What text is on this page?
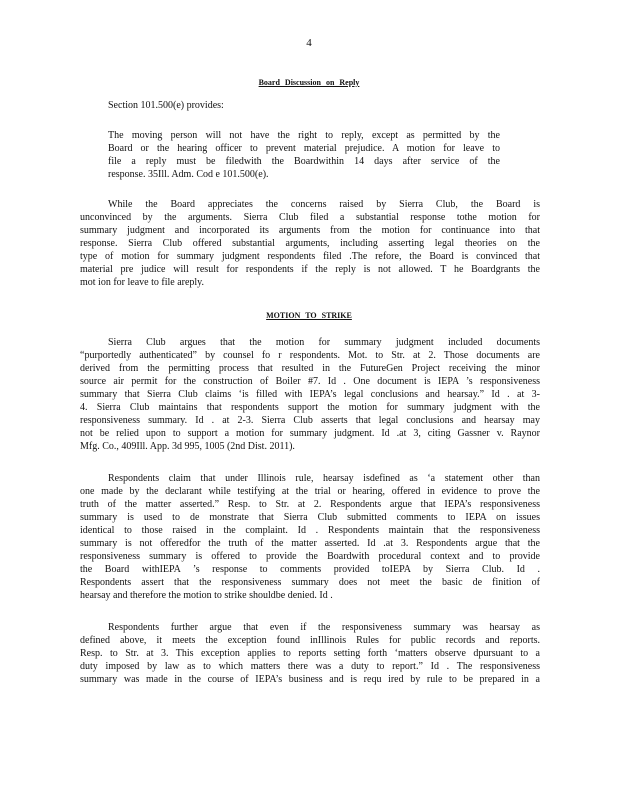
4
Board Discussion on Reply
Section 101.500(e) provides:
The moving person will not have the right to reply, except as permitted by the
Board or the hearing officer to prevent material prejudice. A motion for leave to
file a reply must be filedwith the Boardwithin 14 days after service of the
response. 35Ill. Adm. Cod e 101.500(e).
While the Board appreciates the concerns raised by Sierra Club, the Board is
unconvinced by the arguments. Sierra Club filed a substantial response tothe motion for
summary judgment and incorporated its arguments from the motion for continuance into that
response. Sierra Club offered substantial arguments, including asserting legal theories on the
type of motion for summary judgment respondents filed .The refore, the Board is convinced that
material pre judice will result for respondents if the reply is not allowed. T he Boardgrants the
mot ion for leave to file areply.
MOTION TO STRIKE
Sierra Club argues that the motion for summary judgment included documents
“purportedly authenticated” by counsel fo r respondents. Mot. to Str. at 2. Those documents are
derived from the permitting process that resulted in the FutureGen Project receiving the minor
source air permit for the construction of Boiler #7. Id . One document is IEPA ’s responsiveness
summary that Sierra Club claims ‘is filled with IEPA’s legal conclusions and hearsay.” Id . at 3-
4. Sierra Club maintains that respondents support the motion for summary judgment with the
responsiveness summary. Id . at 2-3. Sierra Club asserts that legal conclusions and hearsay may
not be relied upon to support a motion for summary judgment. Id .at 3, citing Gassner v. Raynor
Mfg. Co., 409Ill. App. 3d 995, 1005 (2nd Dist. 2011).
Respondents claim that under Illinois rule, hearsay isdefined as ‘a statement other than
one made by the declarant while testifying at the trial or hearing, offered in evidence to prove the
truth of the matter asserted.” Resp. to Str. at 2. Respondents argue that IEPA’s responsiveness
summary is used to de monstrate that Sierra Club submitted comments to IEPA on issues
identical to those raised in the complaint. Id . Respondents maintain that the responsiveness
summary is not offeredfor the truth of the matter asserted. Id .at 3. Respondents argue that the
responsiveness summary is offered to provide the Boardwith procedural context and to provide
the Board withIEPA ’s response to comments provided toIEPA by Sierra Club. Id .
Respondents assert that the responsiveness summary does not meet the basic de finition of
hearsay and therefore the motion to strike shouldbe denied. Id .
Respondents further argue that even if the responsiveness summary was hearsay as
defined above, it meets the exception found inIllinois Rules for public records and reports.
Resp. to Str. at 3. This exception applies to reports setting forth ‘matters observe dpursuant to a
duty imposed by law as to which matters there was a duty to report.” Id . The responsiveness
summary was made in the course of IEPA’s business and is requ ired by rule to be prepared in a
